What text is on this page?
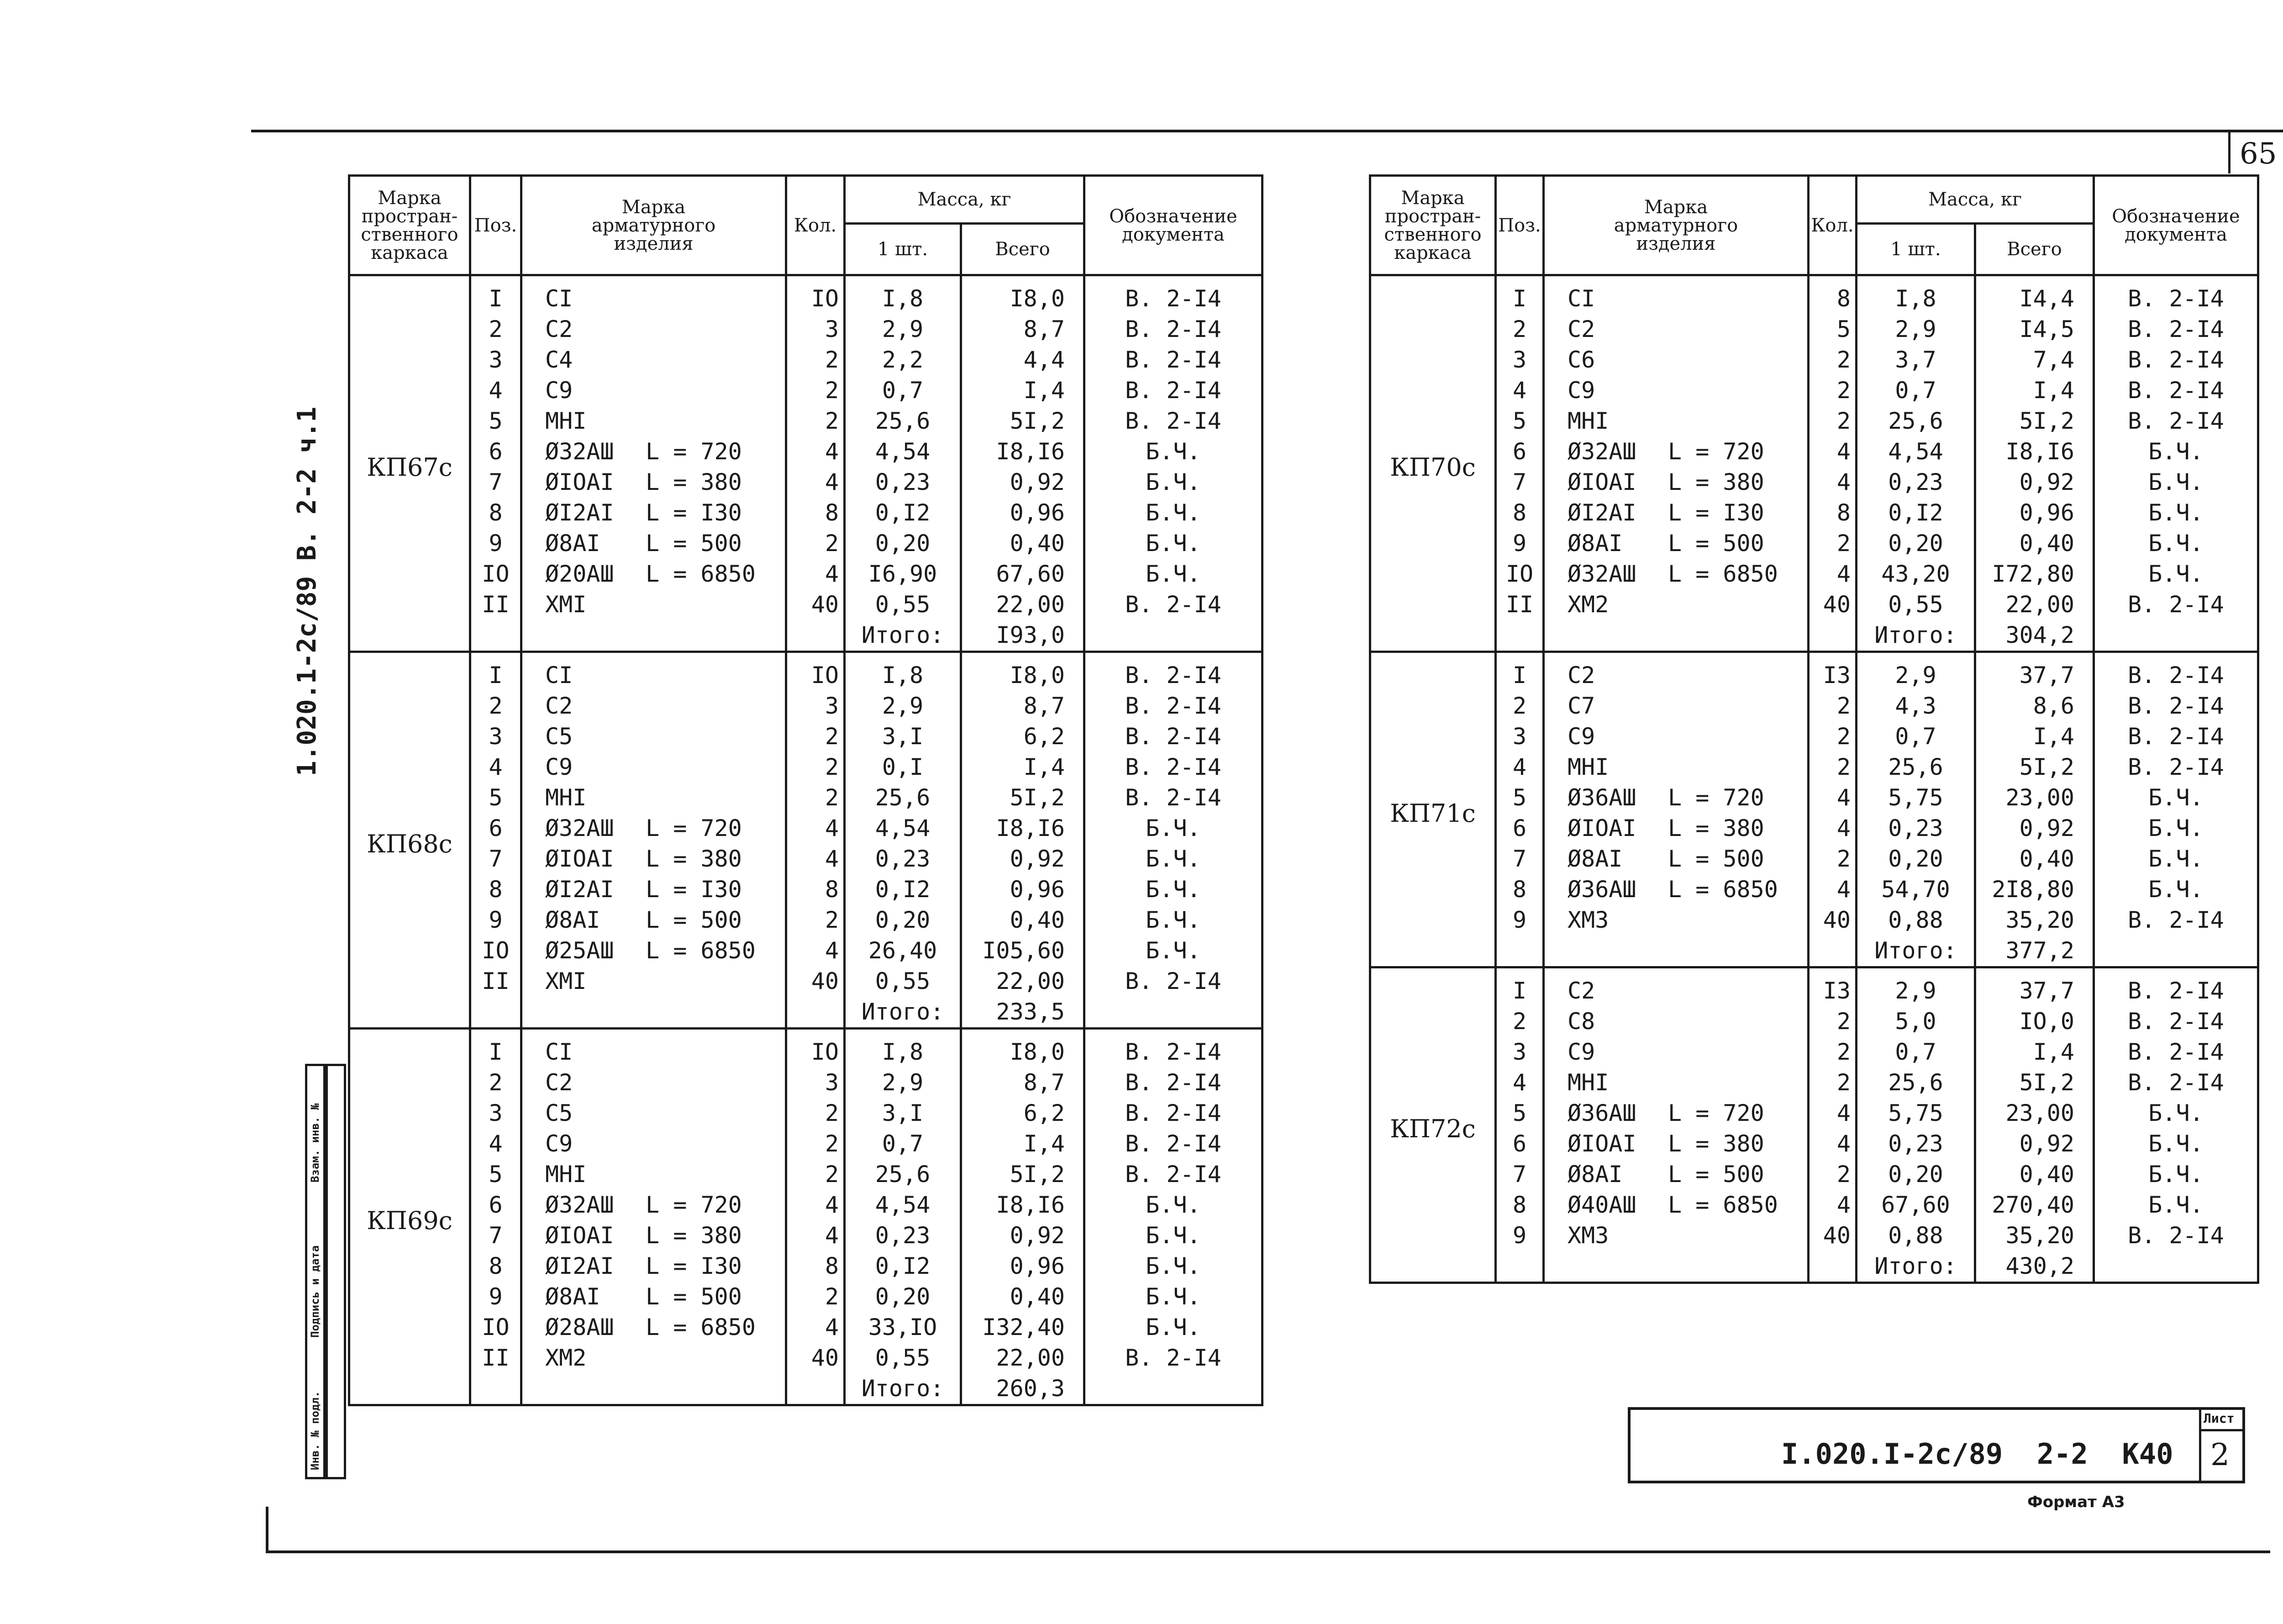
65
1.020.1-2с/89 В. 2-2 ч.1
Инв. № подл.
Подпись и дата
Взам. инв. №
Марка
простран-
ственного
каркаса	Поз.	Марка
арматурного
изделия	Кол.	Масса, кг		Обозначение
документа
				1 шт.	Всего	
КП67с	I	СI	IO	I,8	I8,0	В. 2-I4
	2	С2	3	2,9	8,7	В. 2-I4
	3	С4	2	2,2	4,4	В. 2-I4
	4	С9	2	0,7	I,4	В. 2-I4
	5	МНI	2	25,6	5I,2	В. 2-I4
	6	Ø32АШ L = 720	4	4,54	I8,I6	Б.Ч.
	7	ØIOАI L = 380	4	0,23	0,92	Б.Ч.
	8	ØI2АI L = I30	8	0,I2	0,96	Б.Ч.
	9	Ø8АI L = 500	2	0,20	0,40	Б.Ч.
	IO	Ø20АШ L = 6850	4	I6,90	67,60	Б.Ч.
	II	ХМI	40	0,55	22,00	В. 2-I4
				Итого:	I93,0	
КП68с	I	СI	IO	I,8	I8,0	В. 2-I4
	2	С2	3	2,9	8,7	В. 2-I4
	3	С5	2	3,I	6,2	В. 2-I4
	4	С9	2	0,I	I,4	В. 2-I4
	5	МНI	2	25,6	5I,2	В. 2-I4
	6	Ø32АШ L = 720	4	4,54	I8,I6	Б.Ч.
	7	ØIOАI L = 380	4	0,23	0,92	Б.Ч.
	8	ØI2АI L = I30	8	0,I2	0,96	Б.Ч.
	9	Ø8АI L = 500	2	0,20	0,40	Б.Ч.
	IO	Ø25АШ L = 6850	4	26,40	I05,60	Б.Ч.
	II	ХМI	40	0,55	22,00	В. 2-I4
				Итого:	233,5	
КП69с	I	СI	IO	I,8	I8,0	В. 2-I4
	2	С2	3	2,9	8,7	В. 2-I4
	3	С5	2	3,I	6,2	В. 2-I4
	4	С9	2	0,7	I,4	В. 2-I4
	5	МНI	2	25,6	5I,2	В. 2-I4
	6	Ø32АШ L = 720	4	4,54	I8,I6	Б.Ч.
	7	ØIOАI L = 380	4	0,23	0,92	Б.Ч.
	8	ØI2АI L = I30	8	0,I2	0,96	Б.Ч.
	9	Ø8АI L = 500	2	0,20	0,40	Б.Ч.
	IO	Ø28АШ L = 6850	4	33,IO	I32,40	Б.Ч.
	II	ХМ2	40	0,55	22,00	В. 2-I4
				Итого:	260,3	
Марка
простран-
ственного
каркаса	Поз.	Марка
арматурного
изделия	Кол.	Масса, кг		Обозначение
документа
				1 шт.	Всего	
КП70с	I	СI	8	I,8	I4,4	В. 2-I4
	2	С2	5	2,9	I4,5	В. 2-I4
	3	С6	2	3,7	7,4	В. 2-I4
	4	С9	2	0,7	I,4	В. 2-I4
	5	МНI	2	25,6	5I,2	В. 2-I4
	6	Ø32АШ L = 720	4	4,54	I8,I6	Б.Ч.
	7	ØIOАI L = 380	4	0,23	0,92	Б.Ч.
	8	ØI2АI L = I30	8	0,I2	0,96	Б.Ч.
	9	Ø8АI L = 500	2	0,20	0,40	Б.Ч.
	IO	Ø32АШ L = 6850	4	43,20	I72,80	Б.Ч.
	II	ХМ2	40	0,55	22,00	В. 2-I4
				Итого:	304,2	
КП71с	I	С2	I3	2,9	37,7	В. 2-I4
	2	С7	2	4,3	8,6	В. 2-I4
	3	С9	2	0,7	I,4	В. 2-I4
	4	МНI	2	25,6	5I,2	В. 2-I4
	5	Ø36АШ L = 720	4	5,75	23,00	Б.Ч.
	6	ØIOАI L = 380	4	0,23	0,92	Б.Ч.
	7	Ø8АI L = 500	2	0,20	0,40	Б.Ч.
	8	Ø36АШ L = 6850	4	54,70	2I8,80	Б.Ч.
	9	ХМ3	40	0,88	35,20	В. 2-I4
				Итого:	377,2	
КП72с	I	С2	I3	2,9	37,7	В. 2-I4
	2	С8	2	5,0	IO,0	В. 2-I4
	3	С9	2	0,7	I,4	В. 2-I4
	4	МНI	2	25,6	5I,2	В. 2-I4
	5	Ø36АШ L = 720	4	5,75	23,00	Б.Ч.
	6	ØIOАI L = 380	4	0,23	0,92	Б.Ч.
	7	Ø8АI L = 500	2	0,20	0,40	Б.Ч.
	8	Ø40АШ L = 6850	4	67,60	270,40	Б.Ч.
	9	ХМ3	40	0,88	35,20	В. 2-I4
				Итого:	430,2	
I.020.I-2с/89  2-2  К40
Лист
2
Формат А3
